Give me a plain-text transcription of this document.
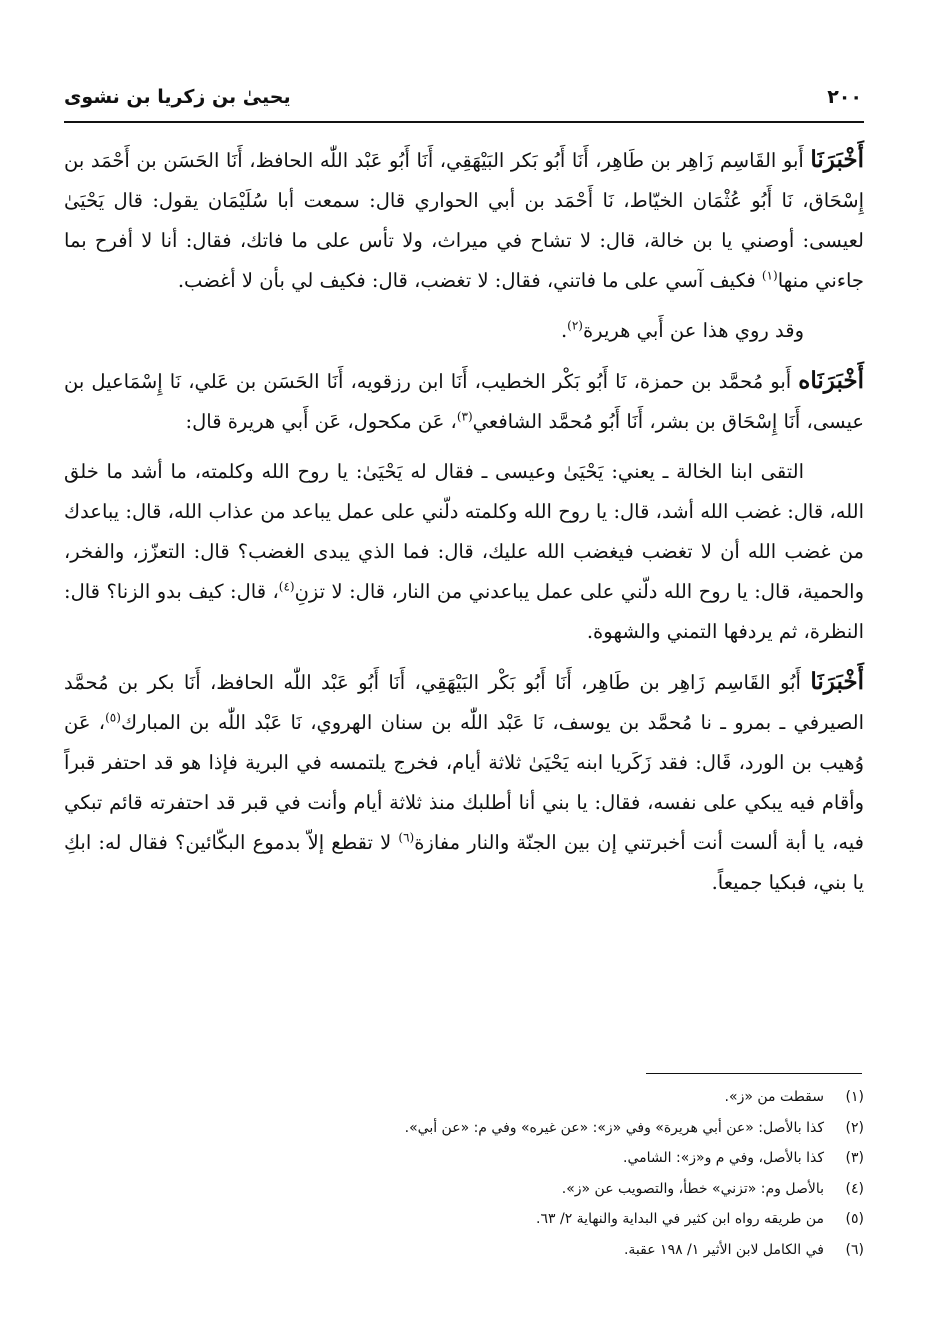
٢٠٠
يحيىٰ بن زكريا بن نشوى

أَخْبَرَنَا أَبو القَاسِم زَاهِر بن طَاهِر، أَنَا أَبُو بَكر البَيْهَقِي، أَنَا أَبُو عَبْد اللّٰه الحافظ، أَنَا الحَسَن بن أَحْمَد بن إِسْحَاق، نَا أَبُو عُثْمَان الخيّاط، نَا أَحْمَد بن أبي الحواري قال: سمعت أبا سُلَيْمَان يقول: قال يَحْيَىٰ لعيسى: أوصني يا بن خالة، قال: لا تشاح في ميراث، ولا تأس على ما فاتك، فقال: أنا لا أفرح بما جاءني منها$^{(١)}$ فكيف آسي على ما فاتني، فقال: لا تغضب، قال: فكيف لي بأن لا أغضب.

وقد روي هذا عن أَبي هريرة$^{(٢)}$.

أَخْبَرَنَاه أَبو مُحمَّد بن حمزة، نَا أَبُو بَكْر الخطيب، أَنَا ابن رزقويه، أَنَا الحَسَن بن عَلي، نَا إِسْمَاعيل بن عيسى، أَنَا إِسْحَاق بن بشر، أَنَا أَبُو مُحمَّد الشافعي$^{(٣)}$، عَن مكحول، عَن أَبي هريرة قال:

التقى ابنا الخالة ـ يعني: يَحْيَىٰ وعيسى ـ فقال له يَحْيَىٰ: يا روح الله وكلمته، ما أشد ما خلق الله، قال: غضب الله أشد، قال: يا روح الله وكلمته دلّني على عمل يباعد من عذاب الله، قال: يباعدك من غضب الله أن لا تغضب فيغضب الله عليك، قال: فما الذي يبدى الغضب؟ قال: التعزّز، والفخر، والحمية، قال: يا روح الله دلّني على عمل يباعدني من النار، قال: لا تزنِ$^{(٤)}$، قال: كيف بدو الزنا؟ قال: النظرة، ثم يردفها التمني والشهوة.

أَخْبَرَنَا أَبُو القَاسِم زَاهِر بن طَاهِر، أَنَا أَبُو بَكْر البَيْهَقِي، أَنَا أَبُو عَبْد اللّٰه الحافظ، أَنَا بكر بن مُحمَّد الصيرفي ـ بمرو ـ نا مُحمَّد بن يوسف، نَا عَبْد اللّٰه بن سنان الهروي، نَا عَبْد اللّٰه بن المبارك$^{(٥)}$، عَن وُهيب بن الورد، قَال: فقد زَكَريا ابنه يَحْيَىٰ ثلاثة أيام، فخرج يلتمسه في البرية فإذا هو قد احتفر قبراً وأقام فيه يبكي على نفسه، فقال: يا بني أنا أطلبك منذ ثلاثة أيام وأنت في قبر قد احتفرته قائم تبكي فيه، يا أبة ألست أنت أخبرتني إن بين الجنّة والنار مفازة$^{(٦)}$ لا تقطع إلاّ بدموع البكّائين؟ فقال له: ابكِ يا بني، فبكيا جميعاً.

(١)سقطت من «ز».
(٢)كذا بالأصل: «عن أبي هريرة» وفي «ز»: «عن غيره» وفي م: «عن أبي».
(٣)كذا بالأصل، وفي م و«ز»: الشامي.
(٤)بالأصل وم: «تزني» خطأ، والتصويب عن «ز».
(٥)من طريقه رواه ابن كثير في البداية والنهاية ٢/ ٦٣.
(٦)في الكامل لابن الأثير ١/ ١٩٨ عقبة.
